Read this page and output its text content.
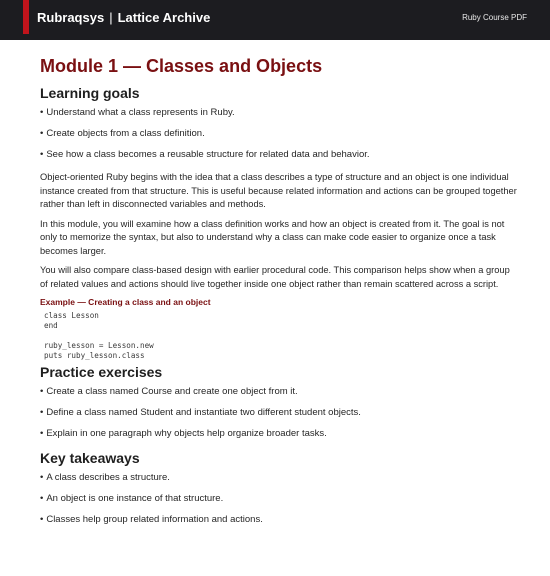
Rubraqsys | Lattice Archive	Ruby Course PDF
Module 1 — Classes and Objects
Learning goals
• Understand what a class represents in Ruby.
• Create objects from a class definition.
• See how a class becomes a reusable structure for related data and behavior.

Object-oriented Ruby begins with the idea that a class describes a type of structure and an object is one individual instance created from that structure. This is useful because related information and actions can be grouped together rather than left in disconnected variables and methods.

In this module, you will examine how a class definition works and how an object is created from it. The goal is not only to memorize the syntax, but also to understand why a class can make code easier to organize once a task becomes larger.

You will also compare class-based design with earlier procedural code. This comparison helps show when a group of related values and actions should live together inside one object rather than remain scattered across a script.

Example — Creating a class and an object
class Lesson
end

ruby_lesson = Lesson.new
puts ruby_lesson.class
Practice exercises
• Create a class named Course and create one object from it.
• Define a class named Student and instantiate two different student objects.
• Explain in one paragraph why objects help organize broader tasks.
Key takeaways
• A class describes a structure.
• An object is one instance of that structure.
• Classes help group related information and actions.
